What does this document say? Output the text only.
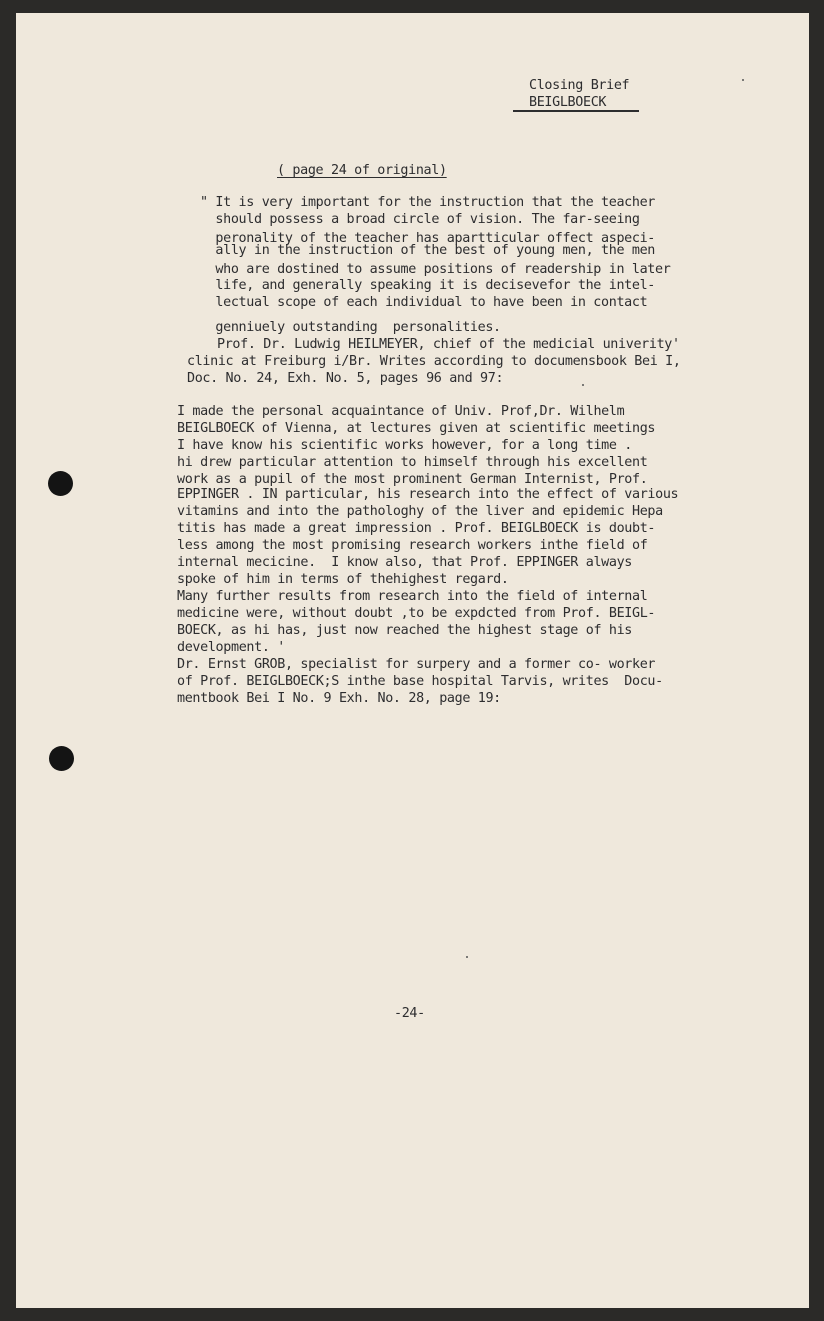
Closing Brief
BEIGLBOECK
( page 24 of original)
" It is very important for the instruction that the teacher
should possess a broad circle of vision. The far-seeing
peronality of the teacher has apartticular offect aspeci-
ally in the instruction of the best of young men, the men
who are dostined to assume positions of readership in later
life, and generally speaking it is decisevefor the intel-
lectual scope of each individual to have been in contact
genniuely outstanding  personalities.
Prof. Dr. Ludwig HEILMEYER, chief of the medicial univerity'
clinic at Freiburg i/Br. Writes according to documensbook Bei I,
Doc. No. 24, Exh. No. 5, pages 96 and 97:
I made the personal acquaintance of Univ. Prof,Dr. Wilhelm
BEIGLBOECK of Vienna, at lectures given at scientific meetings
I have know his scientific works however, for a long time .
hi drew particular attention to himself through his excellent
work as a pupil of the most prominent German Internist, Prof.
EPPINGER . IN particular, his research into the effect of various
vitamins and into the pathologhy of the liver and epidemic Hepa
titis has made a great impression . Prof. BEIGLBOECK is doubt-
less among the most promising research workers inthe field of
internal mecicine.  I know also, that Prof. EPPINGER always
spoke of him in terms of thehighest regard.
Many further results from research into the field of internal
medicine were, without doubt ,to be expdcted from Prof. BEIGL-
BOECK, as hi has, just now reached the highest stage of his
development. '
Dr. Ernst GROB, specialist for surpery and a former co- worker
of Prof. BEIGLBOECK;S inthe base hospital Tarvis, writes  Docu-
mentbook Bei I No. 9 Exh. No. 28, page 19:
-24-
